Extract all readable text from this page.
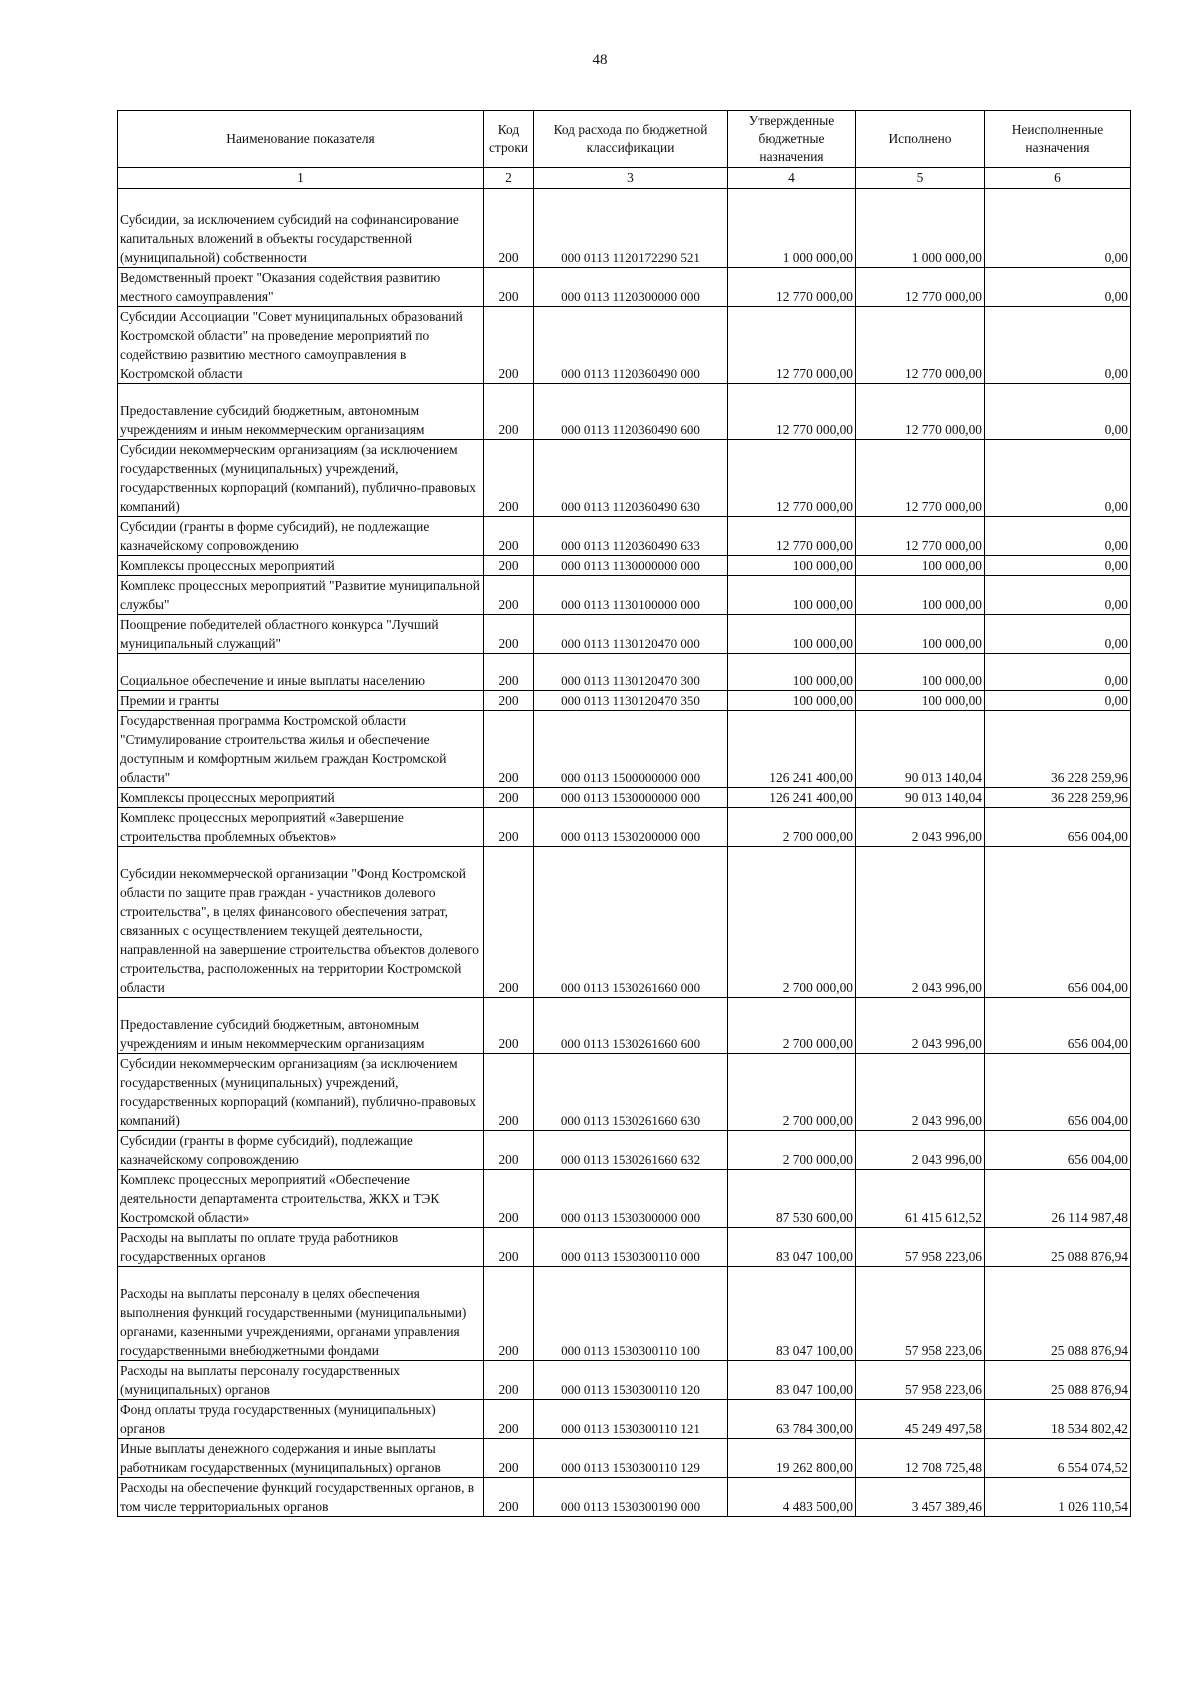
48
Наименование показателя	Код строки	Код расхода по бюджетной классификации	Утвержденные бюджетные назначения	Исполнено	Неисполненные назначения
1	2	3	4	5	6
Субсидии, за исключением субсидий на софинансирование капитальных вложений в объекты государственной (муниципальной) собственности	200	000 0113 1120172290 521	1 000 000,00	1 000 000,00	0,00
Ведомственный проект "Оказания содействия развитию местного самоуправления"	200	000 0113 1120300000 000	12 770 000,00	12 770 000,00	0,00
Субсидии Ассоциации "Совет муниципальных образований Костромской области" на проведение мероприятий по содействию развитию местного самоуправления в Костромской области	200	000 0113 1120360490 000	12 770 000,00	12 770 000,00	0,00
Предоставление субсидий бюджетным, автономным учреждениям и иным некоммерческим организациям	200	000 0113 1120360490 600	12 770 000,00	12 770 000,00	0,00
Субсидии некоммерческим организациям (за исключением государственных (муниципальных) учреждений, государственных корпораций (компаний), публично-правовых компаний)	200	000 0113 1120360490 630	12 770 000,00	12 770 000,00	0,00
Субсидии (гранты в форме субсидий), не подлежащие казначейскому сопровождению	200	000 0113 1120360490 633	12 770 000,00	12 770 000,00	0,00
Комплексы процессных мероприятий	200	000 0113 1130000000 000	100 000,00	100 000,00	0,00
Комплекс процессных мероприятий "Развитие муниципальной службы"	200	000 0113 1130100000 000	100 000,00	100 000,00	0,00
Поощрение победителей областного конкурса "Лучший муниципальный служащий"	200	000 0113 1130120470 000	100 000,00	100 000,00	0,00
Социальное обеспечение и иные выплаты населению	200	000 0113 1130120470 300	100 000,00	100 000,00	0,00
Премии и гранты	200	000 0113 1130120470 350	100 000,00	100 000,00	0,00
Государственная программа Костромской области "Стимулирование строительства жилья и обеспечение доступным и комфортным жильем граждан Костромской области"	200	000 0113 1500000000 000	126 241 400,00	90 013 140,04	36 228 259,96
Комплексы процессных мероприятий	200	000 0113 1530000000 000	126 241 400,00	90 013 140,04	36 228 259,96
Комплекс процессных мероприятий «Завершение строительства проблемных объектов»	200	000 0113 1530200000 000	2 700 000,00	2 043 996,00	656 004,00
Субсидии некоммерческой организации "Фонд Костромской области по защите прав граждан - участников долевого строительства", в целях финансового обеспечения затрат, связанных с осуществлением текущей деятельности, направленной на завершение строительства объектов долевого строительства, расположенных на территории Костромской области	200	000 0113 1530261660 000	2 700 000,00	2 043 996,00	656 004,00
Предоставление субсидий бюджетным, автономным учреждениям и иным некоммерческим организациям	200	000 0113 1530261660 600	2 700 000,00	2 043 996,00	656 004,00
Субсидии некоммерческим организациям (за исключением государственных (муниципальных) учреждений, государственных корпораций (компаний), публично-правовых компаний)	200	000 0113 1530261660 630	2 700 000,00	2 043 996,00	656 004,00
Субсидии (гранты в форме субсидий), подлежащие казначейскому сопровождению	200	000 0113 1530261660 632	2 700 000,00	2 043 996,00	656 004,00
Комплекс процессных мероприятий «Обеспечение деятельности департамента строительства, ЖКХ и ТЭК Костромской области»	200	000 0113 1530300000 000	87 530 600,00	61 415 612,52	26 114 987,48
Расходы на выплаты по оплате труда работников государственных органов	200	000 0113 1530300110 000	83 047 100,00	57 958 223,06	25 088 876,94
Расходы на выплаты персоналу в целях обеспечения выполнения функций государственными (муниципальными) органами, казенными учреждениями, органами управления государственными внебюджетными фондами	200	000 0113 1530300110 100	83 047 100,00	57 958 223,06	25 088 876,94
Расходы на выплаты персоналу государственных (муниципальных) органов	200	000 0113 1530300110 120	83 047 100,00	57 958 223,06	25 088 876,94
Фонд оплаты труда государственных (муниципальных) органов	200	000 0113 1530300110 121	63 784 300,00	45 249 497,58	18 534 802,42
Иные выплаты денежного содержания и иные выплаты работникам государственных (муниципальных) органов	200	000 0113 1530300110 129	19 262 800,00	12 708 725,48	6 554 074,52
Расходы на обеспечение функций государственных органов, в том числе территориальных органов	200	000 0113 1530300190 000	4 483 500,00	3 457 389,46	1 026 110,54
